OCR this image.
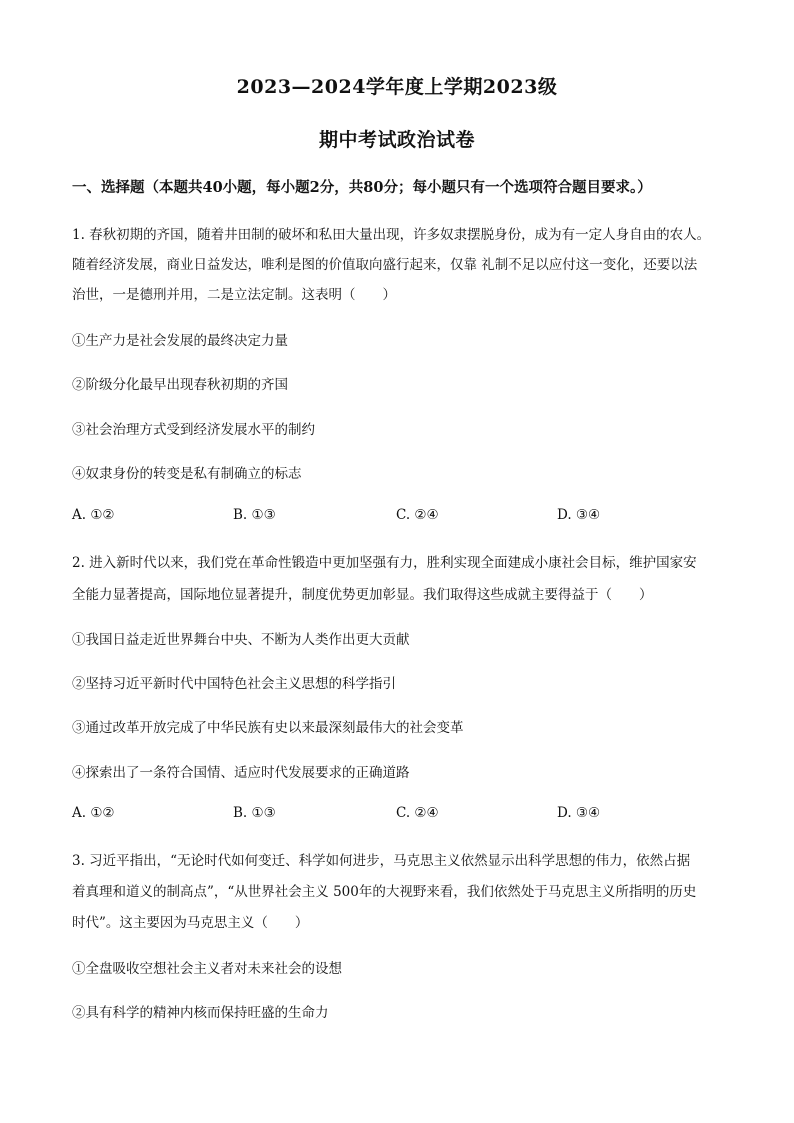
2023—2024学年度上学期2023级
期中考试政治试卷
一、选择题（本题共40小题，每小题2分，共80分；每小题只有一个选项符合题目要求。）
1. 春秋初期的齐国，随着井田制的破坏和私田大量出现，许多奴隶摆脱身份，成为有一定人身自由的农人。
随着经济发展，商业日益发达，唯利是图的价值取向盛行起来，仅靠 礼制不足以应付这一变化，还要以法
治世，一是德刑并用，二是立法定制。这表明（　　）
①生产力是社会发展的最终决定力量
②阶级分化最早出现春秋初期的齐国
③社会治理方式受到经济发展水平的制约
④奴隶身份的转变是私有制确立的标志
A. ①②	B. ①③	C. ②④	D. ③④
2. 进入新时代以来，我们党在革命性锻造中更加坚强有力，胜利实现全面建成小康社会目标，维护国家安
全能力显著提高，国际地位显著提升，制度优势更加彰显。我们取得这些成就主要得益于（　　）
①我国日益走近世界舞台中央、不断为人类作出更大贡献
②坚持习近平新时代中国特色社会主义思想的科学指引
③通过改革开放完成了中华民族有史以来最深刻最伟大的社会变革
④探索出了一条符合国情、适应时代发展要求的正确道路
A. ①②	B. ①③	C. ②④	D. ③④
3. 习近平指出，“无论时代如何变迁、科学如何进步，马克思主义依然显示出科学思想的伟力，依然占据
着真理和道义的制高点”，“从世界社会主义 500年的大视野来看，我们依然处于马克思主义所指明的历史
时代”。这主要因为马克思主义（　　）
①全盘吸收空想社会主义者对未来社会的设想
②具有科学的精神内核而保持旺盛的生命力
